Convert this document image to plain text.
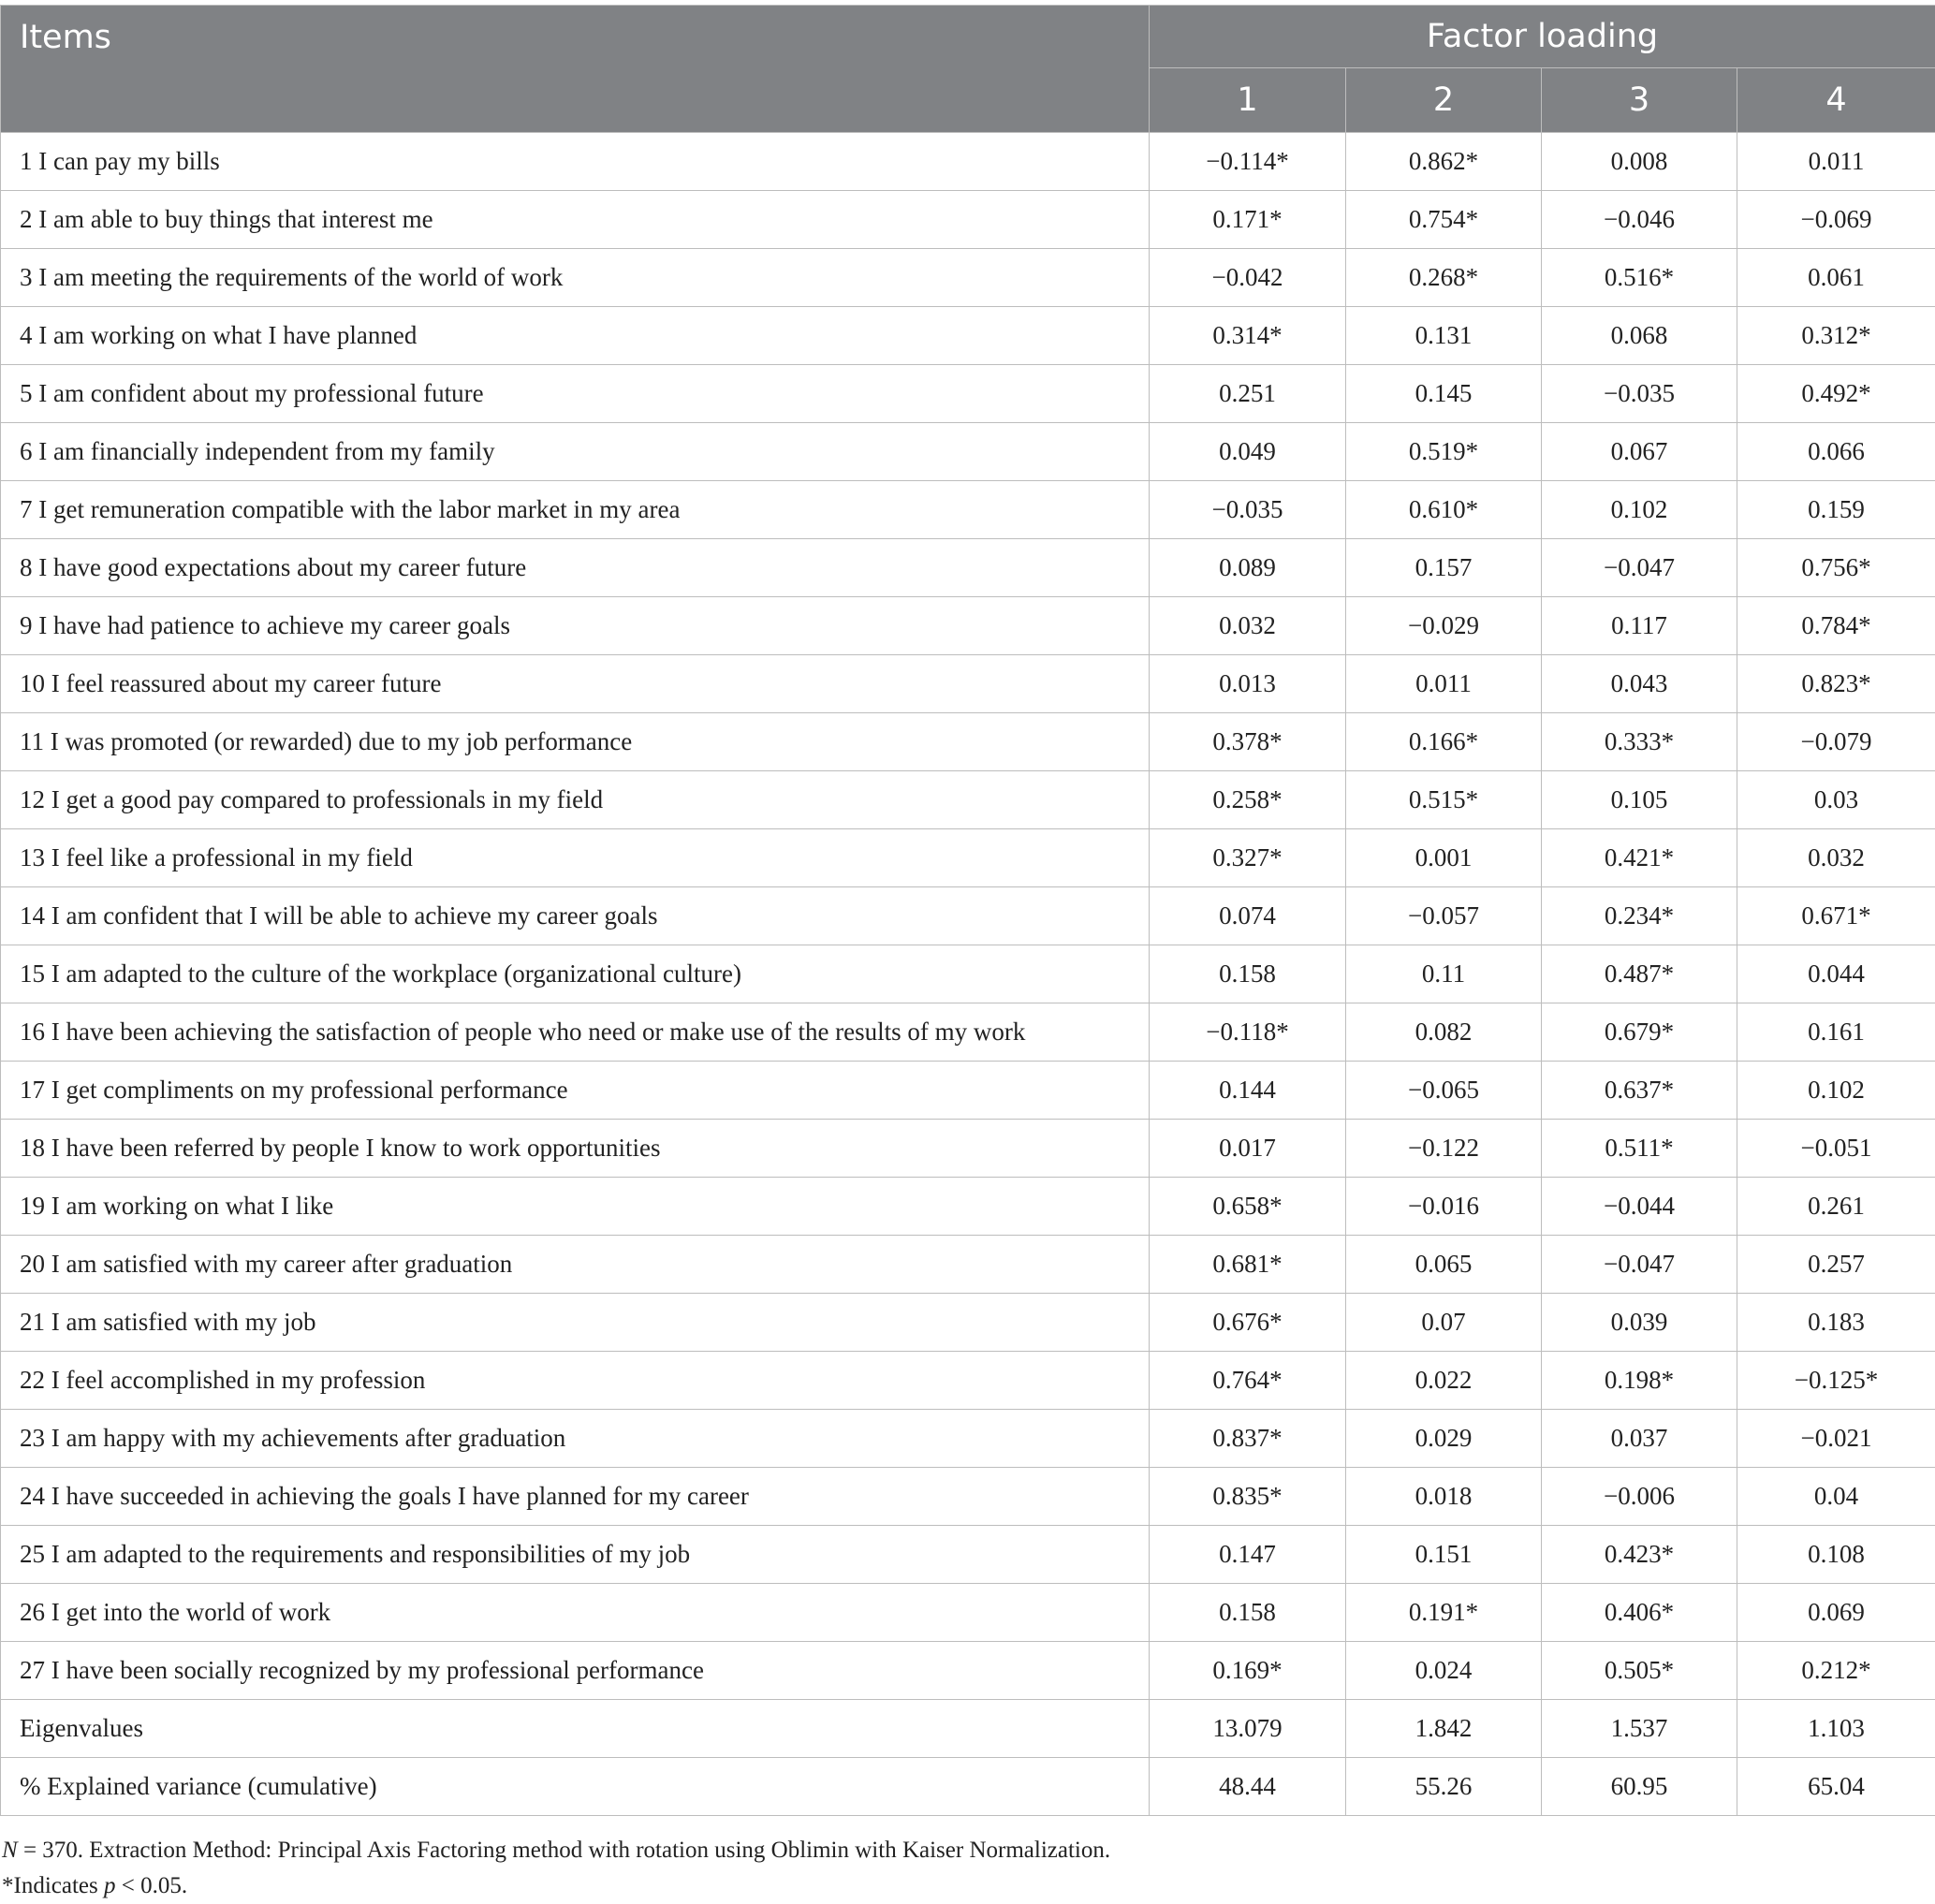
Items	Factor loading			
	1	2	3	4
1 I can pay my bills	−0.114*	0.862*	0.008	0.011
2 I am able to buy things that interest me	0.171*	0.754*	−0.046	−0.069
3 I am meeting the requirements of the world of work	−0.042	0.268*	0.516*	0.061
4 I am working on what I have planned	0.314*	0.131	0.068	0.312*
5 I am confident about my professional future	0.251	0.145	−0.035	0.492*
6 I am financially independent from my family	0.049	0.519*	0.067	0.066
7 I get remuneration compatible with the labor market in my area	−0.035	0.610*	0.102	0.159
8 I have good expectations about my career future	0.089	0.157	−0.047	0.756*
9 I have had patience to achieve my career goals	0.032	−0.029	0.117	0.784*
10 I feel reassured about my career future	0.013	0.011	0.043	0.823*
11 I was promoted (or rewarded) due to my job performance	0.378*	0.166*	0.333*	−0.079
12 I get a good pay compared to professionals in my field	0.258*	0.515*	0.105	0.03
13 I feel like a professional in my field	0.327*	0.001	0.421*	0.032
14 I am confident that I will be able to achieve my career goals	0.074	−0.057	0.234*	0.671*
15 I am adapted to the culture of the workplace (organizational culture)	0.158	0.11	0.487*	0.044
16 I have been achieving the satisfaction of people who need or make use of the results of my work	−0.118*	0.082	0.679*	0.161
17 I get compliments on my professional performance	0.144	−0.065	0.637*	0.102
18 I have been referred by people I know to work opportunities	0.017	−0.122	0.511*	−0.051
19 I am working on what I like	0.658*	−0.016	−0.044	0.261
20 I am satisfied with my career after graduation	0.681*	0.065	−0.047	0.257
21 I am satisfied with my job	0.676*	0.07	0.039	0.183
22 I feel accomplished in my profession	0.764*	0.022	0.198*	−0.125*
23 I am happy with my achievements after graduation	0.837*	0.029	0.037	−0.021
24 I have succeeded in achieving the goals I have planned for my career	0.835*	0.018	−0.006	0.04
25 I am adapted to the requirements and responsibilities of my job	0.147	0.151	0.423*	0.108
26 I get into the world of work	0.158	0.191*	0.406*	0.069
27 I have been socially recognized by my professional performance	0.169*	0.024	0.505*	0.212*
Eigenvalues	13.079	1.842	1.537	1.103
% Explained variance (cumulative)	48.44	55.26	60.95	65.04

N = 370. Extraction Method: Principal Axis Factoring method with rotation using Oblimin with Kaiser Normalization.

*Indicates p < 0.05.
